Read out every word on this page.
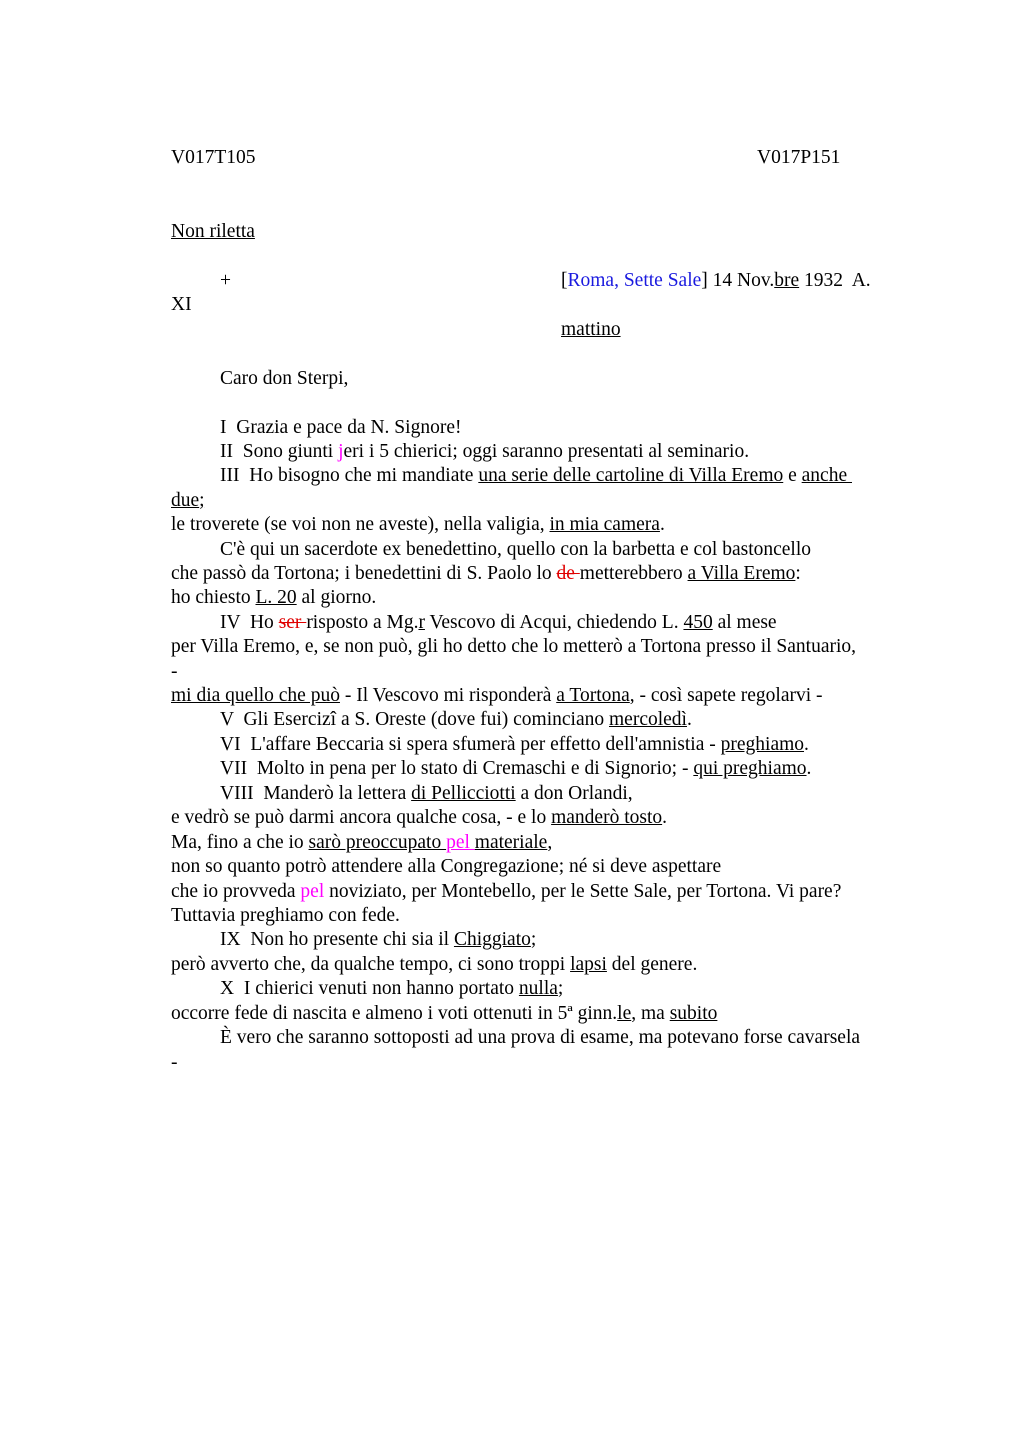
V017T105	V017P151
Non riletta
+	[Roma, Sette Sale] 14 Nov.bre 1932  A.
XI
mattino
Caro don Sterpi,
I  Grazia e pace da N. Signore!
II  Sono giunti jeri i 5 chierici; oggi saranno presentati al seminario.
III  Ho bisogno che mi mandiate una serie delle cartoline di Villa Eremo e anche
due;
le troverete (se voi non ne aveste), nella valigia, in mia camera.
C'è qui un sacerdote ex benedettino, quello con la barbetta e col bastoncello
che passò da Tortona; i benedettini di S. Paolo lo de metterebbero a Villa Eremo:
ho chiesto L. 20 al giorno.
IV  Ho ser risposto a Mg.r Vescovo di Acqui, chiedendo L. 450 al mese
per Villa Eremo, e, se non può, gli ho detto che lo metterò a Tortona presso il Santuario,
-
mi dia quello che può - Il Vescovo mi risponderà a Tortona, - così sapete regolarvi -
V  Gli Esercizî a S. Oreste (dove fui) cominciano mercoledì.
VI  L'affare Beccaria si spera sfumerà per effetto dell'amnistia - preghiamo.
VII  Molto in pena per lo stato di Cremaschi e di Signorio; - qui preghiamo.
VIII  Manderò la lettera di Pellicciotti a don Orlandi,
e vedrò se può darmi ancora qualche cosa, - e lo manderò tosto.
Ma, fino a che io sarò preoccupato pel materiale,
non so quanto potrò attendere alla Congregazione; né si deve aspettare
che io provveda pel noviziato, per Montebello, per le Sette Sale, per Tortona. Vi pare?
Tuttavia preghiamo con fede.
IX  Non ho presente chi sia il Chiggiato;
però avverto che, da qualche tempo, ci sono troppi lapsi del genere.
X  I chierici venuti non hanno portato nulla;
occorre fede di nascita e almeno i voti ottenuti in 5ª ginn.le, ma subito
È vero che saranno sottoposti ad una prova di esame, ma potevano forse cavarsela
-
